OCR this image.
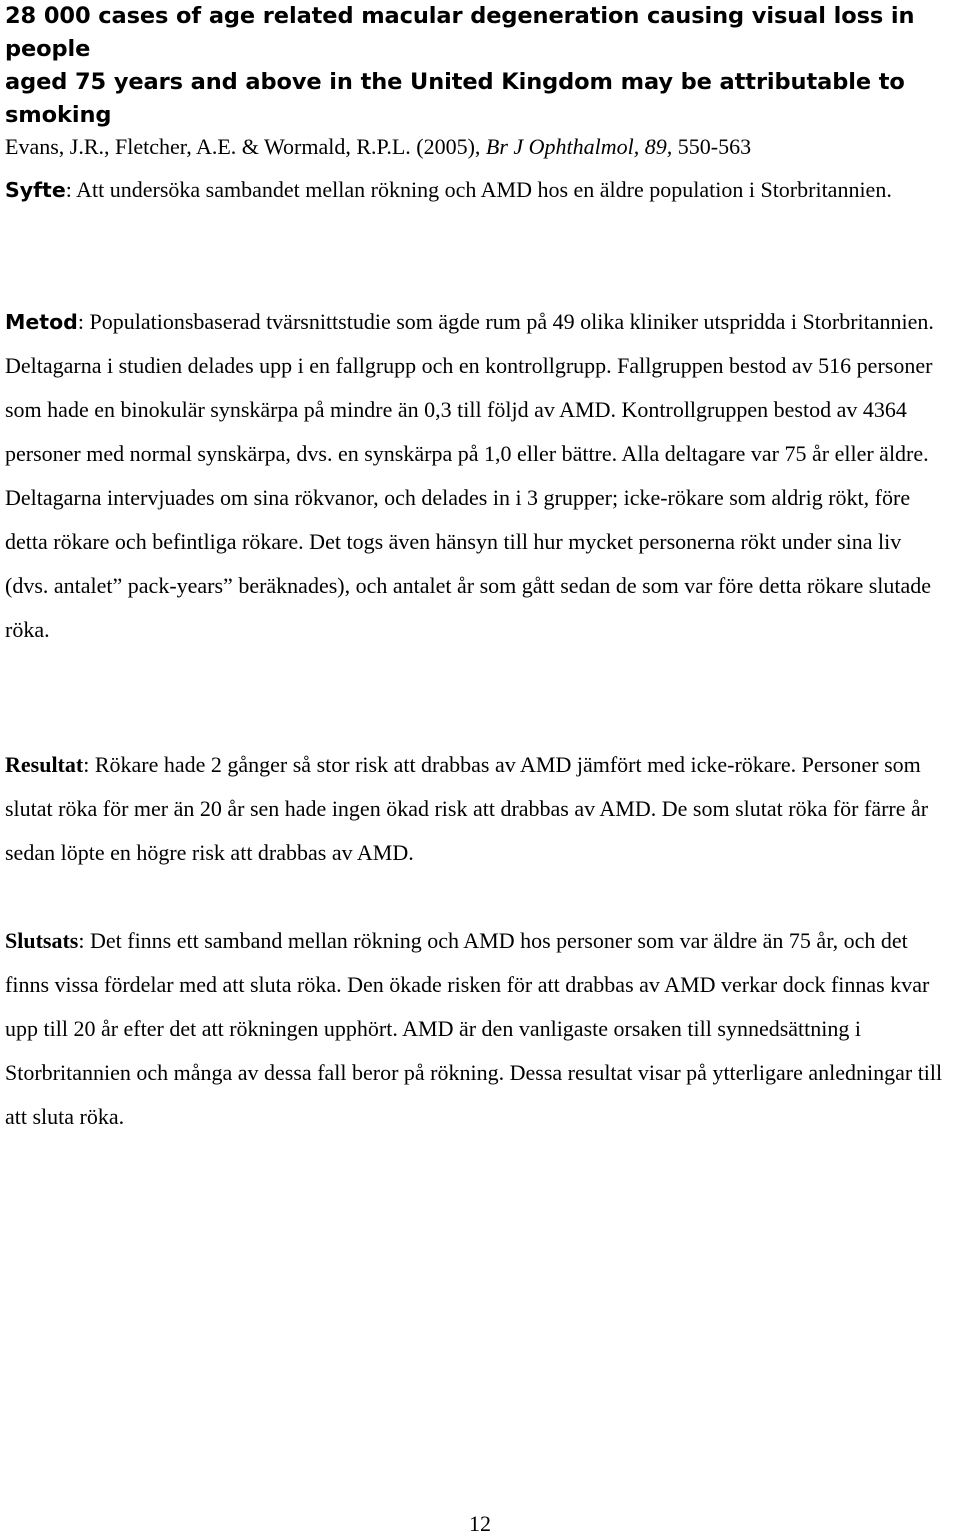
28 000 cases of age related macular degeneration causing visual loss in people

aged 75 years and above in the United Kingdom may be attributable to smoking

Evans, J.R., Fletcher, A.E. & Wormald, R.P.L. (2005), Br J Ophthalmol, 89, 550-563

Syfte: Att undersöka sambandet mellan rökning och AMD hos en äldre population i Storbritannien.

Metod: Populationsbaserad tvärsnittstudie som ägde rum på 49 olika kliniker utspridda i Storbritannien. Deltagarna i studien delades upp i en fallgrupp och en kontrollgrupp. Fallgruppen bestod av 516 personer som hade en binokulär synskärpa på mindre än 0,3 till följd av AMD. Kontrollgruppen bestod av 4364 personer med normal synskärpa, dvs. en synskärpa på 1,0 eller bättre. Alla deltagare var 75 år eller äldre. Deltagarna intervjuades om sina rökvanor, och delades in i 3 grupper; icke-rökare som aldrig rökt, före detta rökare och befintliga rökare. Det togs även hänsyn till hur mycket personerna rökt under sina liv (dvs. antalet” pack-years” beräknades), och antalet år som gått sedan de som var före detta rökare slutade röka.

Resultat: Rökare hade 2 gånger så stor risk att drabbas av AMD jämfört med icke-rökare. Personer som slutat röka för mer än 20 år sen hade ingen ökad risk att drabbas av AMD. De som slutat röka för färre år sedan löpte en högre risk att drabbas av AMD.

Slutsats: Det finns ett samband mellan rökning och AMD hos personer som var äldre än 75 år, och det finns vissa fördelar med att sluta röka. Den ökade risken för att drabbas av AMD verkar dock finnas kvar upp till 20 år efter det att rökningen upphört. AMD är den vanligaste orsaken till synnedsättning i Storbritannien och många av dessa fall beror på rökning. Dessa resultat visar på ytterligare anledningar till att sluta röka.

12
